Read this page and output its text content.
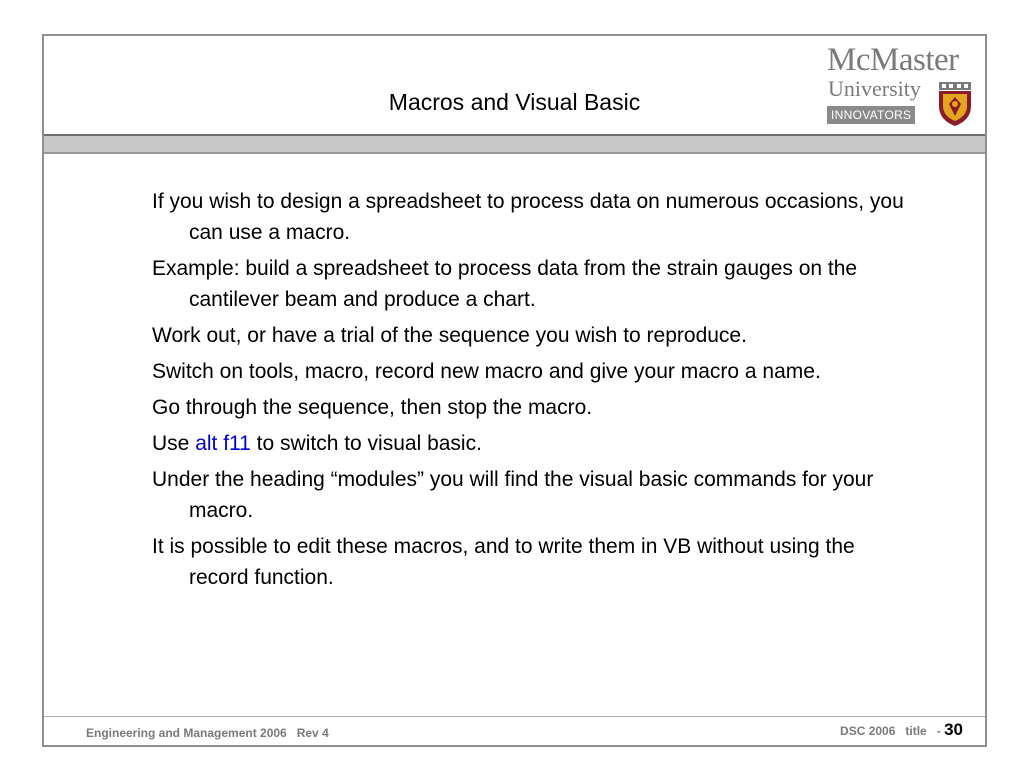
Macros and Visual Basic
McMaster
University
INNOVATORS
If you wish to design a spreadsheet to process data on numerous occasions, you can use a macro.
Example: build a spreadsheet to process data from the strain gauges on the cantilever beam and produce a chart.
Work out, or have a trial of the sequence you wish to reproduce.
Switch on tools, macro, record new macro and give your macro a name.
Go through the sequence, then stop the macro.
Use alt f11 to switch to visual basic.
Under the heading “modules” you will find the visual basic commands for your macro.
It is possible to edit these macros, and to write them in VB without using the record function.
Engineering and Management 2006   Rev 4	DSC 2006   title   - 30
